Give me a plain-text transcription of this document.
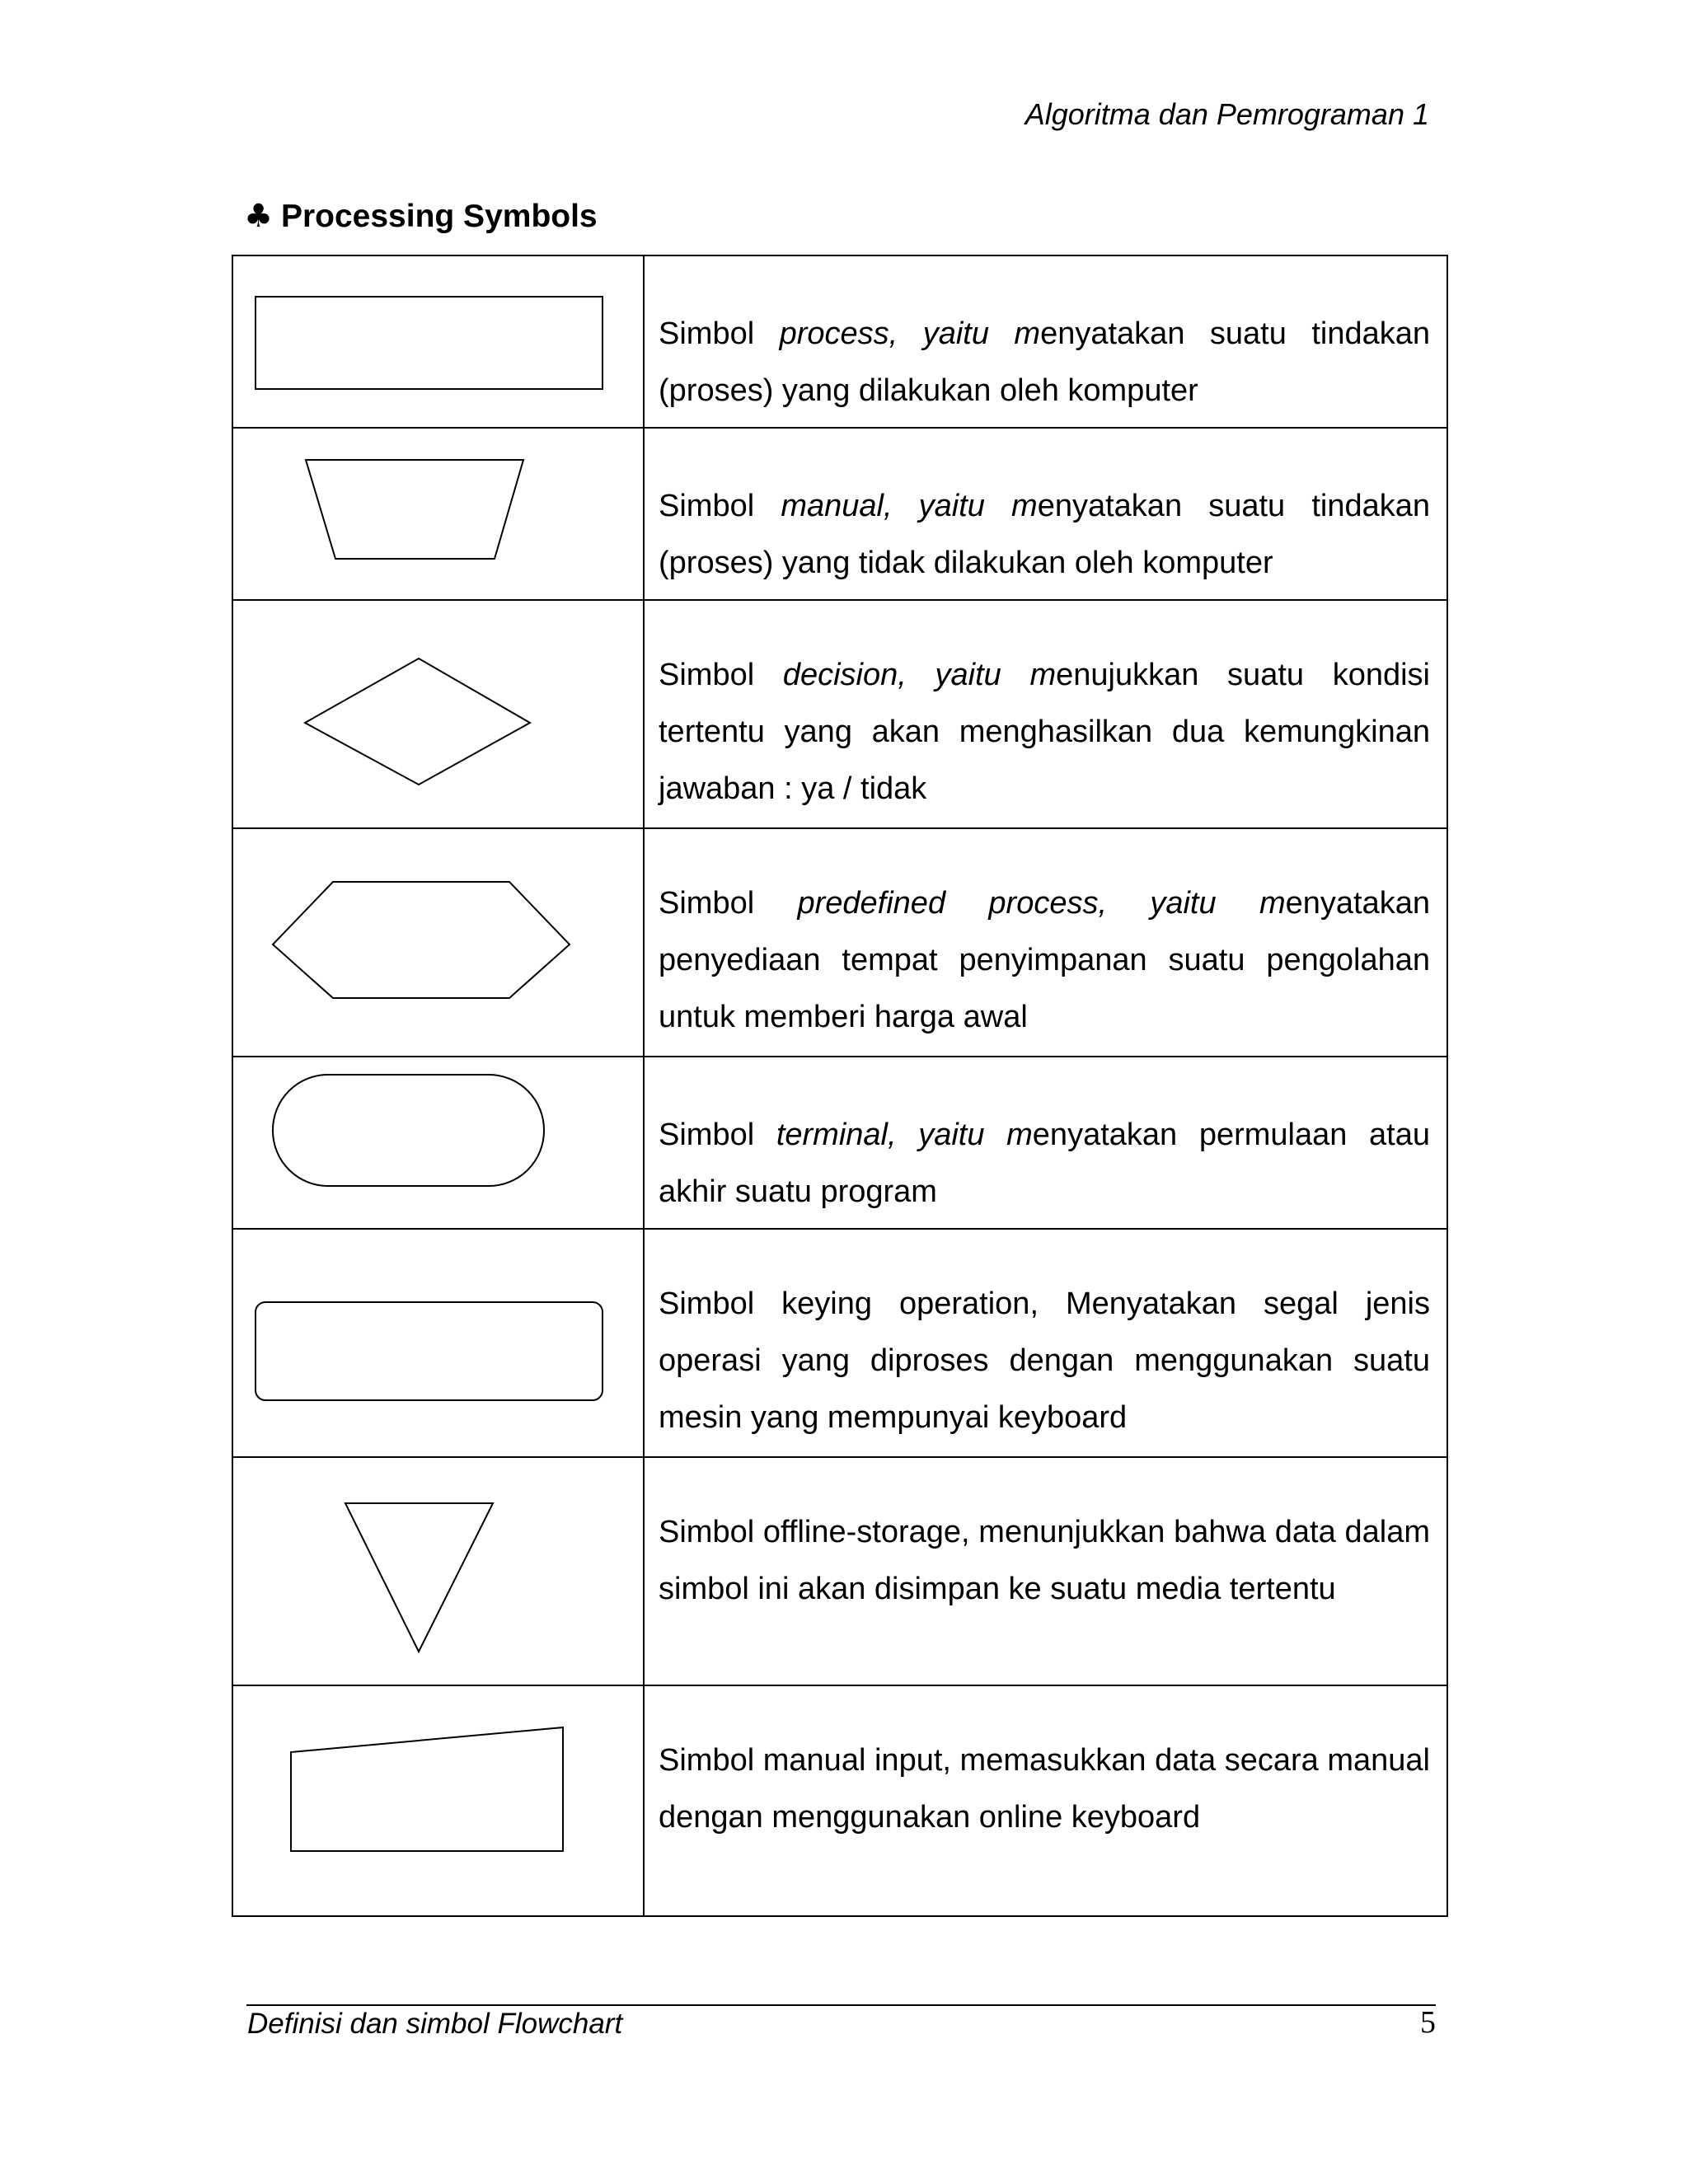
Algoritma dan Pemrograman 1
♣ Processing Symbols
Simbol process, yaitu menyatakan suatu tindakan (proses) yang dilakukan oleh komputer
Simbol manual, yaitu menyatakan suatu tindakan (proses) yang tidak dilakukan oleh komputer
Simbol decision, yaitu menujukkan suatu kondisi tertentu yang akan menghasilkan dua kemungkinan jawaban : ya / tidak
Simbol predefined process, yaitu menyatakan penyediaan tempat penyimpanan suatu pengolahan untuk memberi harga awal
Simbol terminal, yaitu menyatakan permulaan atau akhir suatu program
Simbol keying operation, Menyatakan segal jenis operasi yang diproses dengan menggunakan suatu mesin yang mempunyai keyboard
Simbol offline-storage, menunjukkan bahwa data dalam simbol ini akan disimpan ke suatu media tertentu
Simbol manual input, memasukkan data secara manual dengan menggunakan online keyboard
Definisi dan simbol Flowchart	5
